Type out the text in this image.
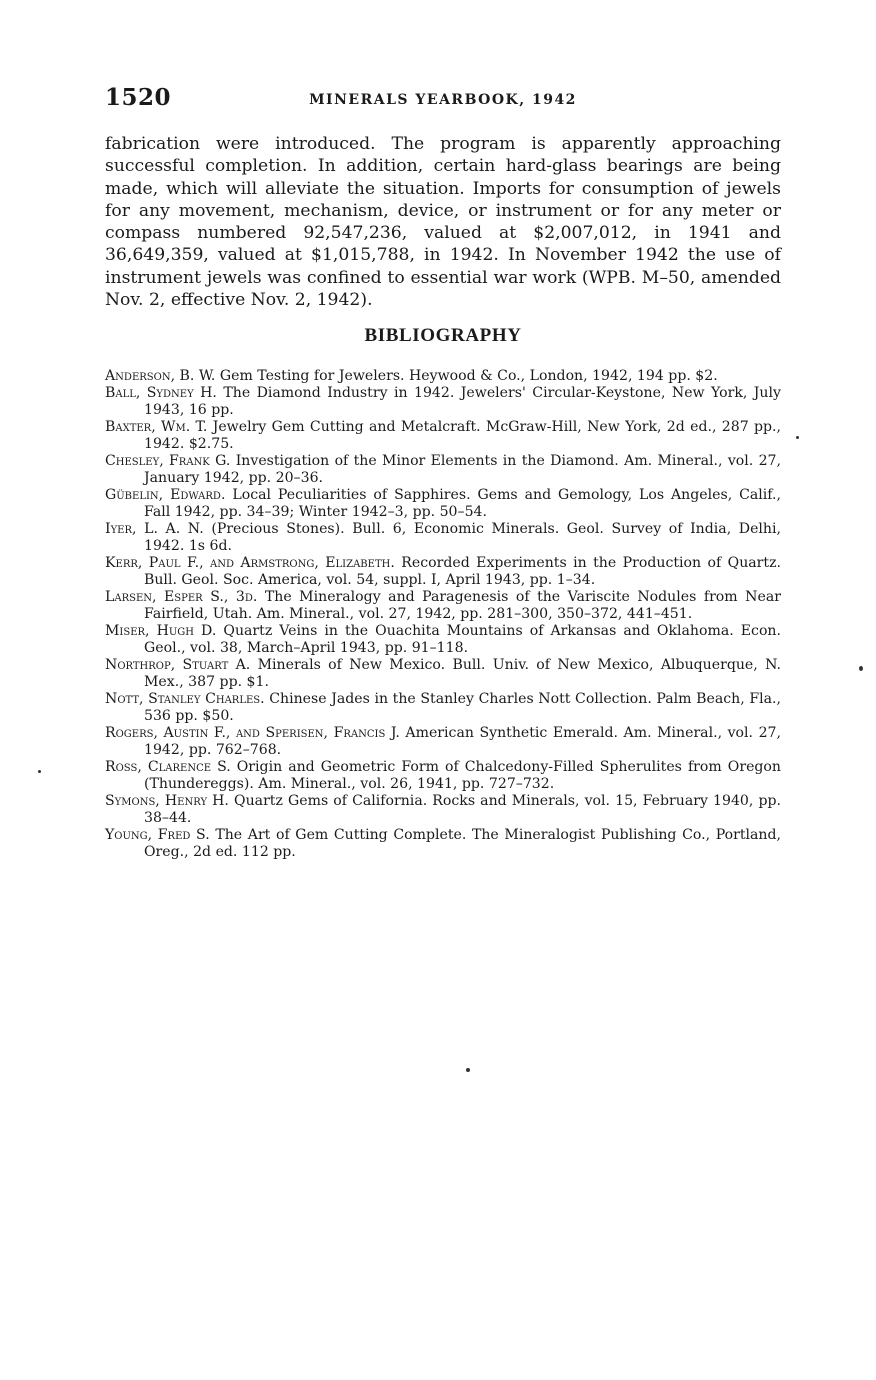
1520	MINERALS YEARBOOK, 1942

fabrication were introduced. The program is apparently approaching successful completion. In addition, certain hard-glass bearings are being made, which will alleviate the situation. Imports for consumption of jewels for any movement, mechanism, device, or instrument or for any meter or compass numbered 92,547,236, valued at $2,007,012, in 1941 and 36,649,359, valued at $1,015,788, in 1942. In November 1942 the use of instrument jewels was confined to essential war work (WPB. M–50, amended Nov. 2, effective Nov. 2, 1942).

BIBLIOGRAPHY
Anderson, B. W. Gem Testing for Jewelers. Heywood & Co., London, 1942, 194 pp. $2.
Ball, Sydney H. The Diamond Industry in 1942. Jewelers' Circular-Keystone, New York, July 1943, 16 pp.
Baxter, Wm. T. Jewelry Gem Cutting and Metalcraft. McGraw-Hill, New York, 2d ed., 287 pp., 1942. $2.75.
Chesley, Frank G. Investigation of the Minor Elements in the Diamond. Am. Mineral., vol. 27, January 1942, pp. 20–36.
Gübelin, Edward. Local Peculiarities of Sapphires. Gems and Gemology, Los Angeles, Calif., Fall 1942, pp. 34–39; Winter 1942–3, pp. 50–54.
Iyer, L. A. N. (Precious Stones). Bull. 6, Economic Minerals. Geol. Survey of India, Delhi, 1942. 1s 6d.
Kerr, Paul F., and Armstrong, Elizabeth. Recorded Experiments in the Production of Quartz. Bull. Geol. Soc. America, vol. 54, suppl. I, April 1943, pp. 1–34.
Larsen, Esper S., 3d. The Mineralogy and Paragenesis of the Variscite Nodules from Near Fairfield, Utah. Am. Mineral., vol. 27, 1942, pp. 281–300, 350–372, 441–451.
Miser, Hugh D. Quartz Veins in the Ouachita Mountains of Arkansas and Oklahoma. Econ. Geol., vol. 38, March–April 1943, pp. 91–118.
Northrop, Stuart A. Minerals of New Mexico. Bull. Univ. of New Mexico, Albuquerque, N. Mex., 387 pp. $1.
Nott, Stanley Charles. Chinese Jades in the Stanley Charles Nott Collection. Palm Beach, Fla., 536 pp. $50.
Rogers, Austin F., and Sperisen, Francis J. American Synthetic Emerald. Am. Mineral., vol. 27, 1942, pp. 762–768.
Ross, Clarence S. Origin and Geometric Form of Chalcedony-Filled Spherulites from Oregon (Thundereggs). Am. Mineral., vol. 26, 1941, pp. 727–732.
Symons, Henry H. Quartz Gems of California. Rocks and Minerals, vol. 15, February 1940, pp. 38–44.
Young, Fred S. The Art of Gem Cutting Complete. The Mineralogist Publishing Co., Portland, Oreg., 2d ed. 112 pp.
